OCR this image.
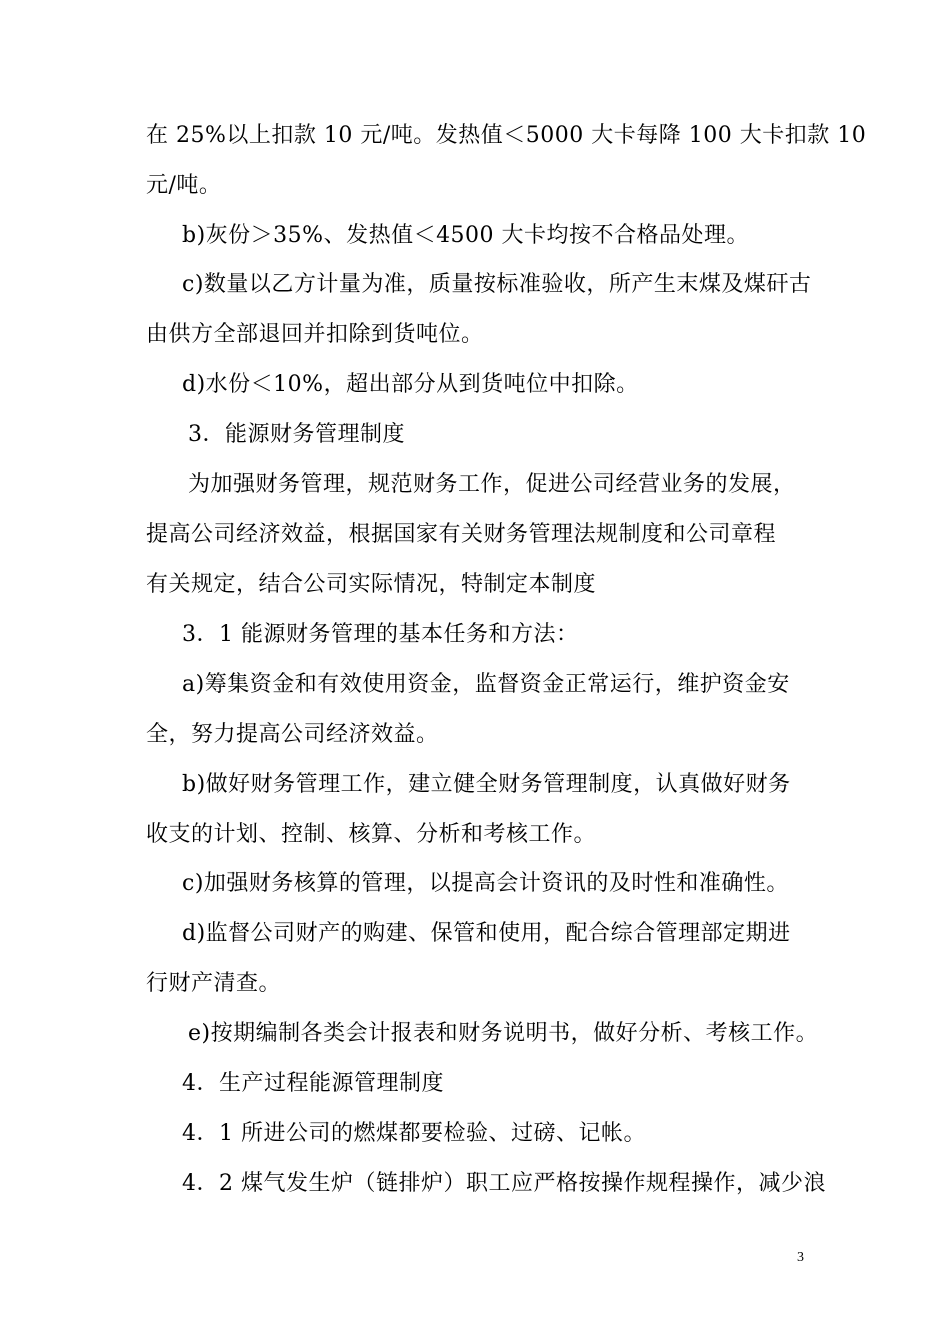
在 25%以上扣款 10 元/吨。发热值＜5000 大卡每降 100 大卡扣款 10
元/吨。
b)灰份＞35%、发热值＜4500 大卡均按不合格品处理。
c)数量以乙方计量为准，质量按标准验收，所产生末煤及煤矸古
由供方全部退回并扣除到货吨位。
d)水份＜10%，超出部分从到货吨位中扣除。
3．能源财务管理制度
为加强财务管理，规范财务工作，促进公司经营业务的发展，
提高公司经济效益，根据国家有关财务管理法规制度和公司章程
有关规定，结合公司实际情况，特制定本制度
3．1 能源财务管理的基本任务和方法：
a)筹集资金和有效使用资金，监督资金正常运行，维护资金安
全，努力提高公司经济效益。
b)做好财务管理工作，建立健全财务管理制度，认真做好财务
收支的计划、控制、核算、分析和考核工作。
c)加强财务核算的管理，以提高会计资讯的及时性和准确性。
d)监督公司财产的购建、保管和使用，配合综合管理部定期进
行财产清查。
e)按期编制各类会计报表和财务说明书，做好分析、考核工作。
4．生产过程能源管理制度
4．1 所进公司的燃煤都要检验、过磅、记帐。
4．2 煤气发生炉（链排炉）职工应严格按操作规程操作，减少浪
3
